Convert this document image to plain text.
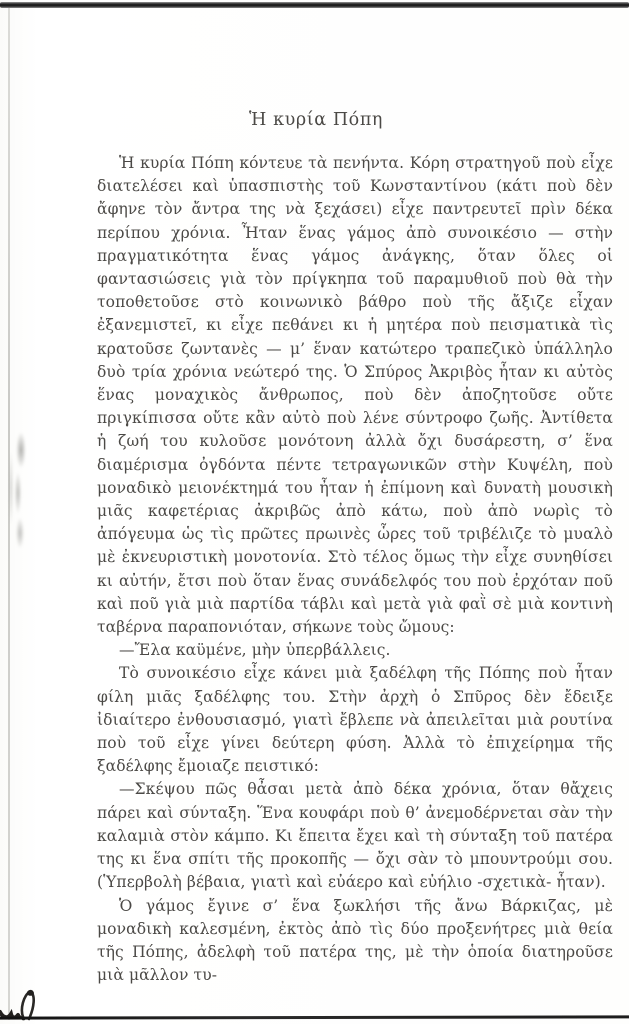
Ἡ κυρία Πόπη

Ἡ κυρία Πόπη κόντευε τὰ πενήντα. Κόρη στρατηγοῦ ποὺ εἶχε διατελέσει καὶ ὑπασπιστὴς τοῦ Κωνσταντίνου (κάτι ποὺ δὲν ἄφηνε τὸν ἄντρα της νὰ ξεχάσει) εἶχε παντρευτεῖ πρὶν δέκα περίπου χρόνια. Ἦταν ἕνας γάμος ἀπὸ συνοικέσιο — στὴν πραγματικότητα ἕνας γάμος ἀνάγκης, ὅταν ὅλες οἱ φαντασιώσεις γιὰ τὸν πρίγκηπα τοῦ παραμυθιοῦ ποὺ θὰ τὴν τοποθετοῦσε στὸ κοινωνικὸ βάθρο ποὺ τῆς ἄξιζε εἶχαν ἐξανεμιστεῖ, κι εἶχε πεθάνει κι ἡ μητέρα ποὺ πεισματικὰ τὶς κρατοῦσε ζωντανὲς — μ’ ἕναν κατώτερο τραπεζικὸ ὑπάλληλο δυὸ τρία χρόνια νεώτερό της. Ὁ Σπύρος Ἀκριβὸς ἦταν κι αὐτὸς ἕνας μοναχικὸς ἄνθρωπος, ποὺ δὲν ἀποζητοῦσε οὔτε πριγκίπισσα οὔτε κἂν αὐτὸ ποὺ λένε σύντροφο ζωῆς. Ἀντίθετα ἡ ζωή του κυλοῦσε μονότονη ἀλλὰ ὄχι δυσάρεστη, σ’ ἕνα διαμέρισμα ὀγδόντα πέντε τετραγωνικῶν στὴν Κυψέλη, ποὺ μοναδικὸ μειονέκτημά του ἦταν ἡ ἐπίμονη καὶ δυνατὴ μουσικὴ μιᾶς καφετέριας ἀκριβῶς ἀπὸ κάτω, ποὺ ἀπὸ νωρὶς τὸ ἀπόγευμα ὡς τὶς πρῶτες πρωινὲς ὧρες τοῦ τριβέλιζε τὸ μυαλὸ μὲ ἐκνευριστικὴ μονοτονία. Στὸ τέλος ὅμως τὴν εἶχε συνηθίσει κι αὐτήν, ἔτσι ποὺ ὅταν ἕνας συνάδελφός του ποὺ ἐρχόταν ποῦ καὶ ποῦ γιὰ μιὰ παρτίδα τάβλι καὶ μετὰ γιὰ φαῒ σὲ μιὰ κοντινὴ ταβέρνα παραπονιόταν, σήκωνε τοὺς ὤμους:

—Ἔλα καϋμένε, μὴν ὑπερβάλλεις.

Τὸ συνοικέσιο εἶχε κάνει μιὰ ξαδέλφη τῆς Πόπης ποὺ ἦταν φίλη μιᾶς ξαδέλφης του. Στὴν ἀρχὴ ὁ Σπῦρος δὲν ἔδειξε ἰδιαίτερο ἐνθουσιασμό, γιατὶ ἔβλεπε νὰ ἀπειλεῖται μιὰ ρουτίνα ποὺ τοῦ εἶχε γίνει δεύτερη φύση. Ἀλλὰ τὸ ἐπιχείρημα τῆς ξαδέλφης ἔμοιαζε πειστικό:

—Σκέψου πῶς θἆσαι μετὰ ἀπὸ δέκα χρόνια, ὅταν θἄχεις πάρει καὶ σύνταξη. Ἕνα κουφάρι ποὺ θ’ ἀνεμοδέρνεται σὰν τὴν καλαμιὰ στὸν κάμπο. Κι ἔπειτα ἔχει καὶ τὴ σύνταξη τοῦ πατέρα της κι ἕνα σπίτι τῆς προκοπῆς — ὄχι σὰν τὸ μπουντρούμι σου. (Ὑπερβολὴ βέβαια, γιατὶ καὶ εὐάερο καὶ εὐήλιο -σχετικὰ- ἦταν).

Ὁ γάμος ἔγινε σ’ ἕνα ξωκλήσι τῆς ἄνω Βάρκιζας, μὲ μοναδικὴ καλεσμένη, ἐκτὸς ἀπὸ τὶς δύο προξενήτρες μιὰ θεία τῆς Πόπης, ἀδελφὴ τοῦ πατέρα της, μὲ τὴν ὁποία διατηροῦσε μιὰ μᾶλλον τυ-
